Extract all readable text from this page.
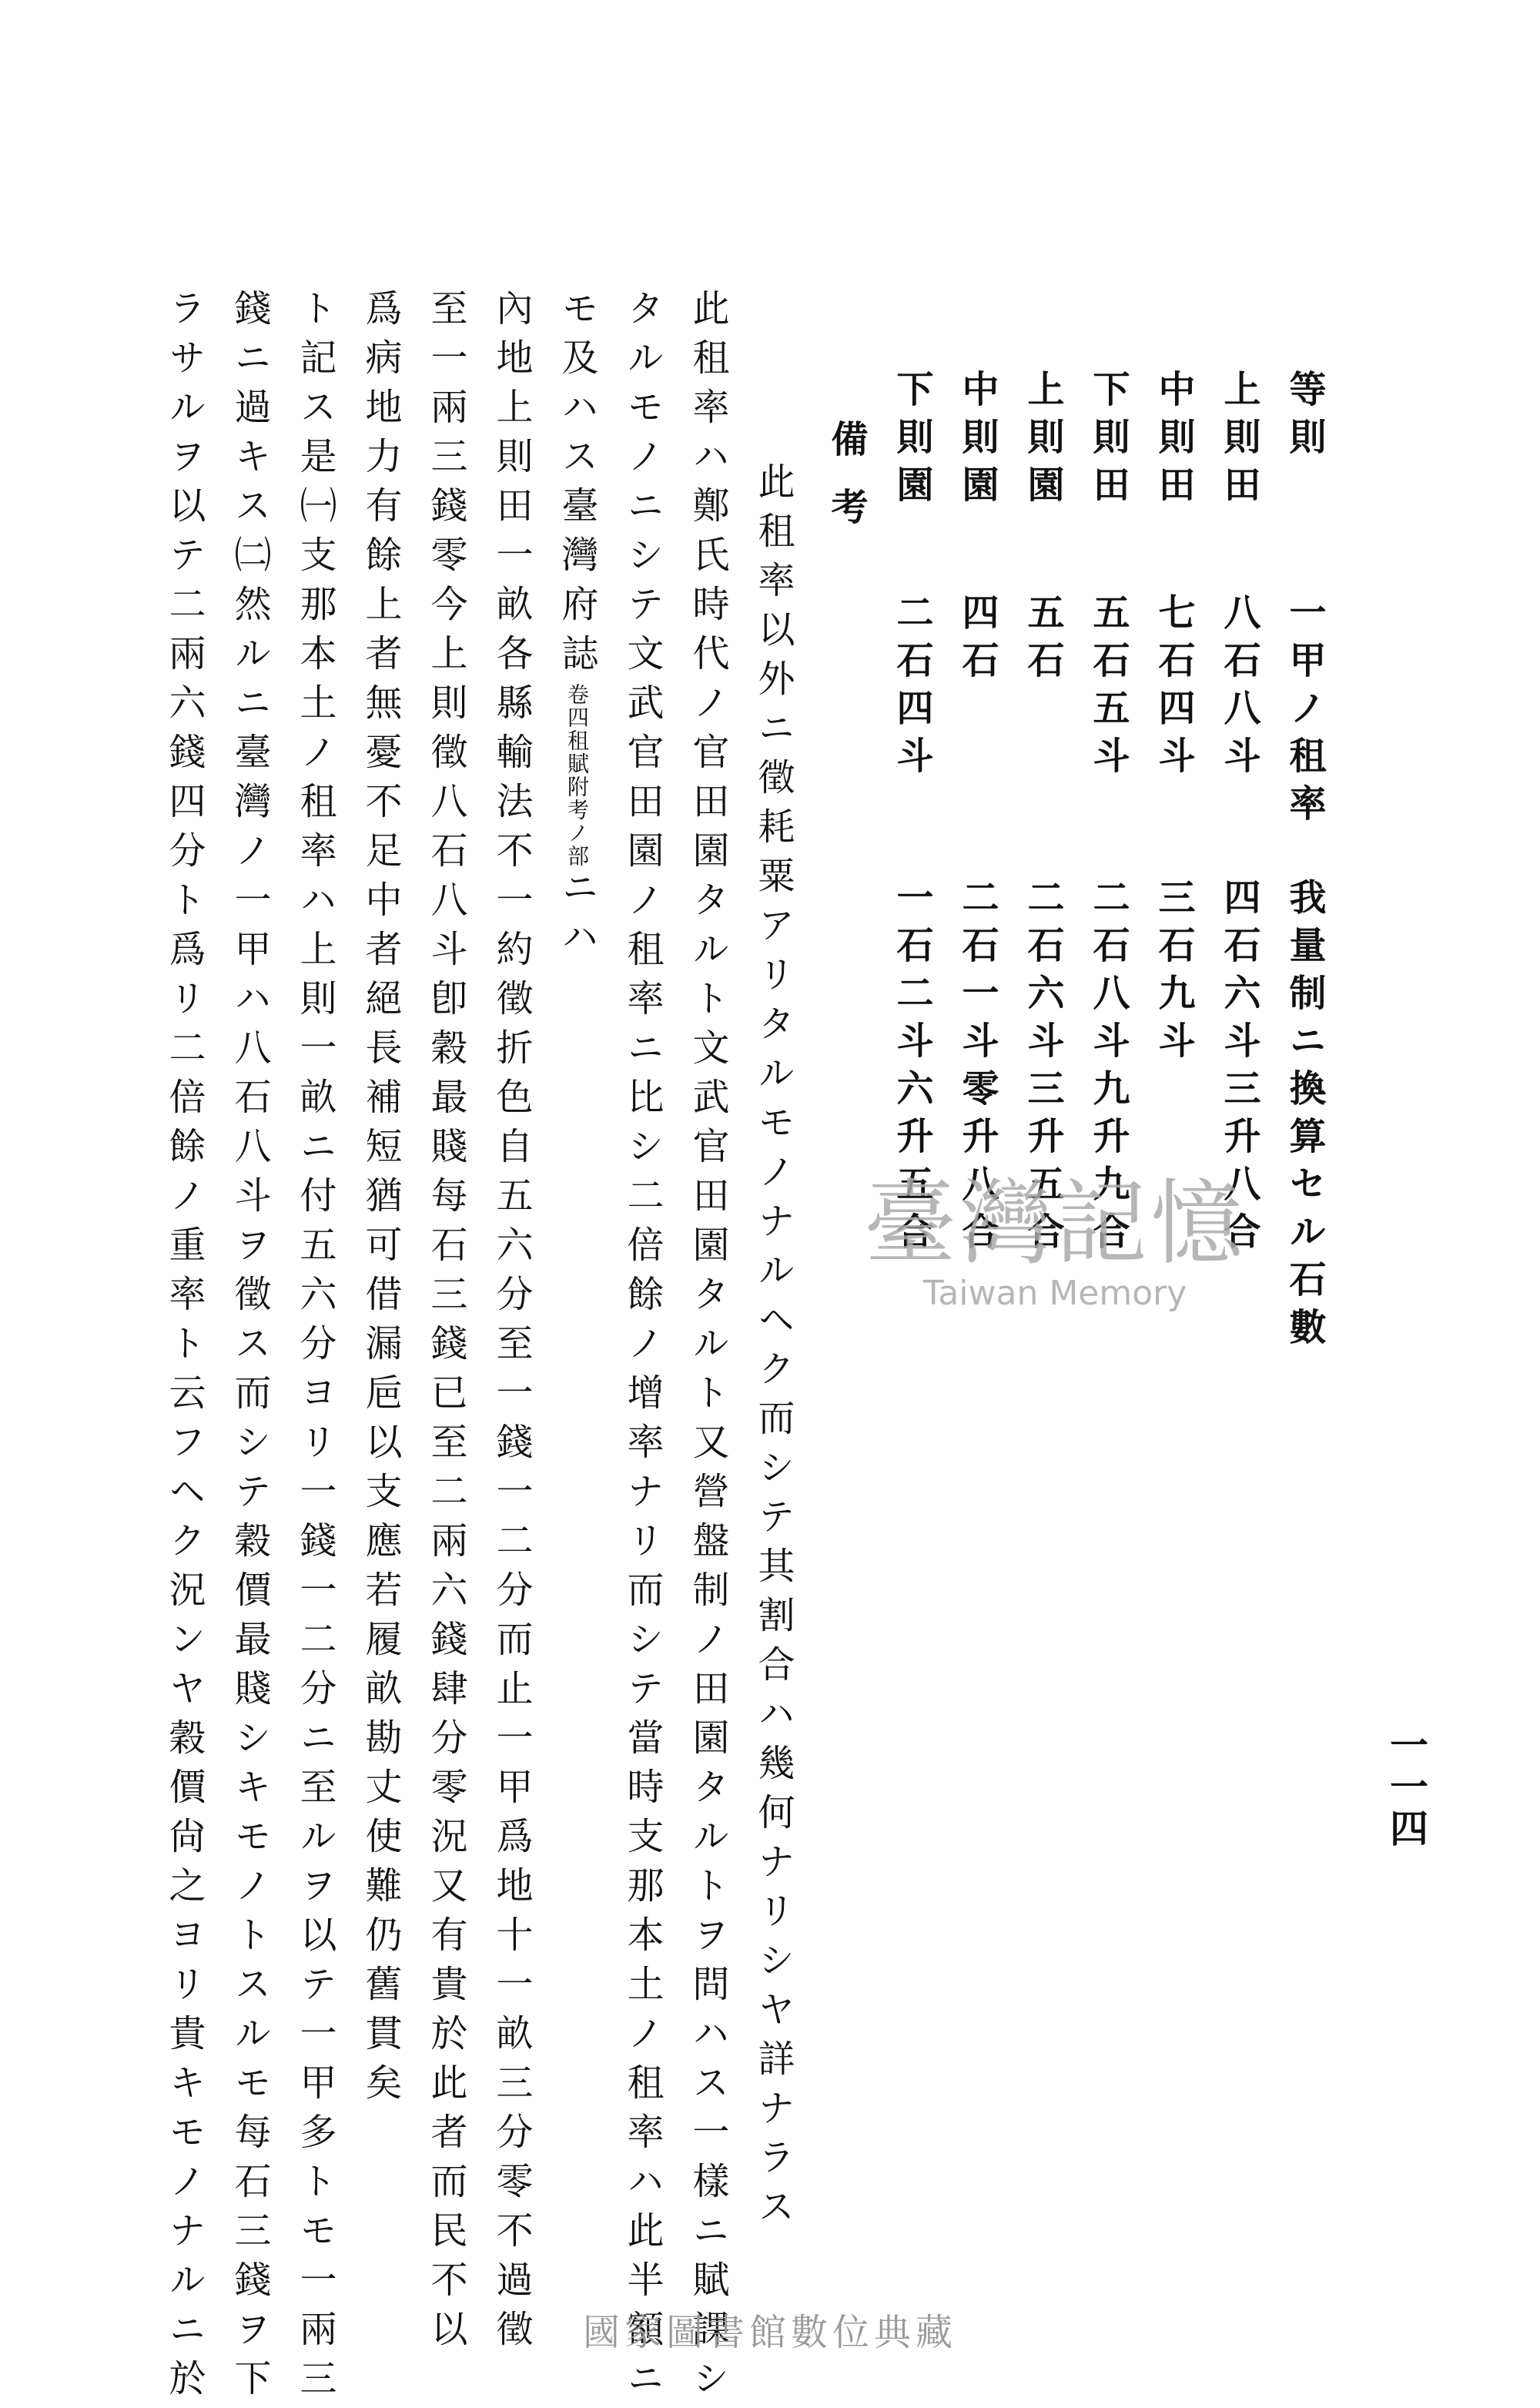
一一四
等則
一甲ノ租率
我量制ニ換算セル石數
上則田
八石八斗
四石六斗三升八合
中則田
七石四斗
三石九斗
下則田
五石五斗
二石八斗九升九合
上則園
五石
二石六斗三升五合
中則園
四石
二石一斗零升八合
下則園
二石四斗
一石二斗六升五合
備考
此租率以外ニ徵耗粟アリタルモノナルヘク而シテ其割合ハ幾何ナリシヤ詳ナラス
此租率ハ鄭氏時代ノ官田園タルト文武官田園タルト又營盤制ノ田園タルトヲ問ハス一樣ニ賦課シ
タルモノニシテ文武官田園ノ租率ニ比シ二倍餘ノ增率ナリ而シテ當時支那本土ノ租率ハ此半額ニ
モ及ハス臺灣府誌卷四租賦附考ノ部ニハ
內地上則田一畝各縣輸法不一約徵折色自五六分至一錢一二分而止一甲爲地十一畝三分零不過徵
至一兩三錢零今上則徵八石八斗卽穀最賤每石三錢已至二兩六錢肆分零況又有貴於此者而民不以
爲病地力有餘上者無憂不足中者絕長補短猶可借漏巵以支應若履畝勘丈使難仍舊貫矣
ト記ス是㈠支那本土ノ租率ハ上則一畝ニ付五六分ヨリ一錢一二分ニ至ルヲ以テ一甲多トモ一兩三
錢ニ過キス㈡然ルニ臺灣ノ一甲ハ八石八斗ヲ徵ス而シテ穀價最賤シキモノトスルモ每石三錢ヲ下
ラサルヲ以テ二兩六錢四分ト爲リ二倍餘ノ重率ト云フヘク況ンヤ穀價尙之ヨリ貴キモノナルニ於	臺灣記憶
Taiwan Memory
國家圖書館數位典藏
